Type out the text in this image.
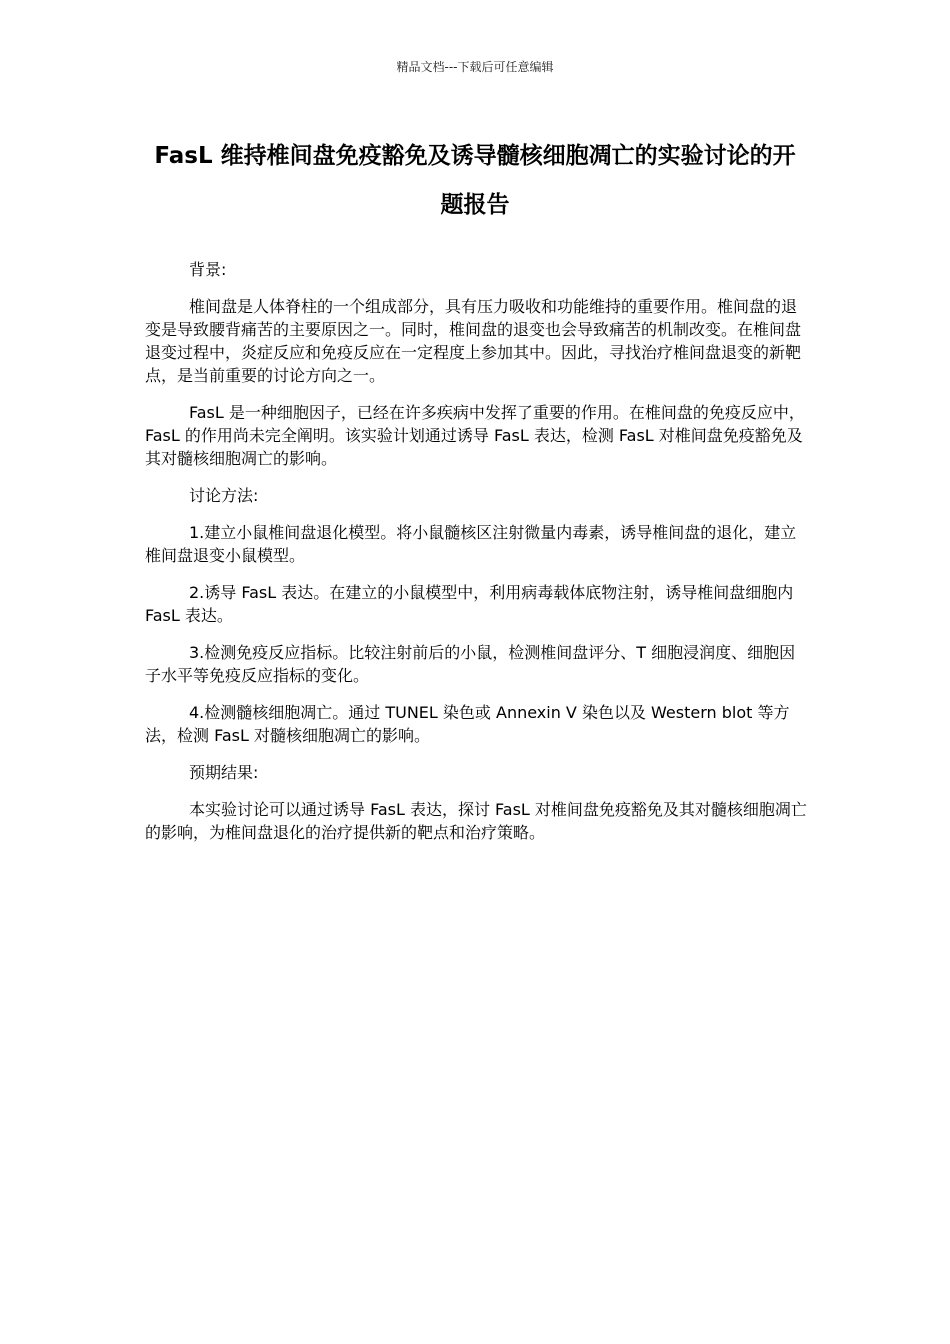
精品文档---下载后可任意编辑
FasL 维持椎间盘免疫豁免及诱导髓核细胞凋亡的实验讨论的开题报告

背景:

椎间盘是人体脊柱的一个组成部分，具有压力吸收和功能维持的重要作用。椎间盘的退变是导致腰背痛苦的主要原因之一。同时，椎间盘的退变也会导致痛苦的机制改变。在椎间盘退变过程中，炎症反应和免疫反应在一定程度上参加其中。因此，寻找治疗椎间盘退变的新靶点，是当前重要的讨论方向之一。

FasL 是一种细胞因子，已经在许多疾病中发挥了重要的作用。在椎间盘的免疫反应中，FasL 的作用尚未完全阐明。该实验计划通过诱导 FasL 表达，检测 FasL 对椎间盘免疫豁免及其对髓核细胞凋亡的影响。

讨论方法:

1.建立小鼠椎间盘退化模型。将小鼠髓核区注射微量内毒素，诱导椎间盘的退化，建立椎间盘退变小鼠模型。

2.诱导 FasL 表达。在建立的小鼠模型中，利用病毒载体底物注射，诱导椎间盘细胞内 FasL 表达。

3.检测免疫反应指标。比较注射前后的小鼠，检测椎间盘评分、T 细胞浸润度、细胞因子水平等免疫反应指标的变化。

4.检测髓核细胞凋亡。通过 TUNEL 染色或 Annexin V 染色以及 Western blot 等方法，检测 FasL 对髓核细胞凋亡的影响。

预期结果:

本实验讨论可以通过诱导 FasL 表达，探讨 FasL 对椎间盘免疫豁免及其对髓核细胞凋亡的影响，为椎间盘退化的治疗提供新的靶点和治疗策略。
